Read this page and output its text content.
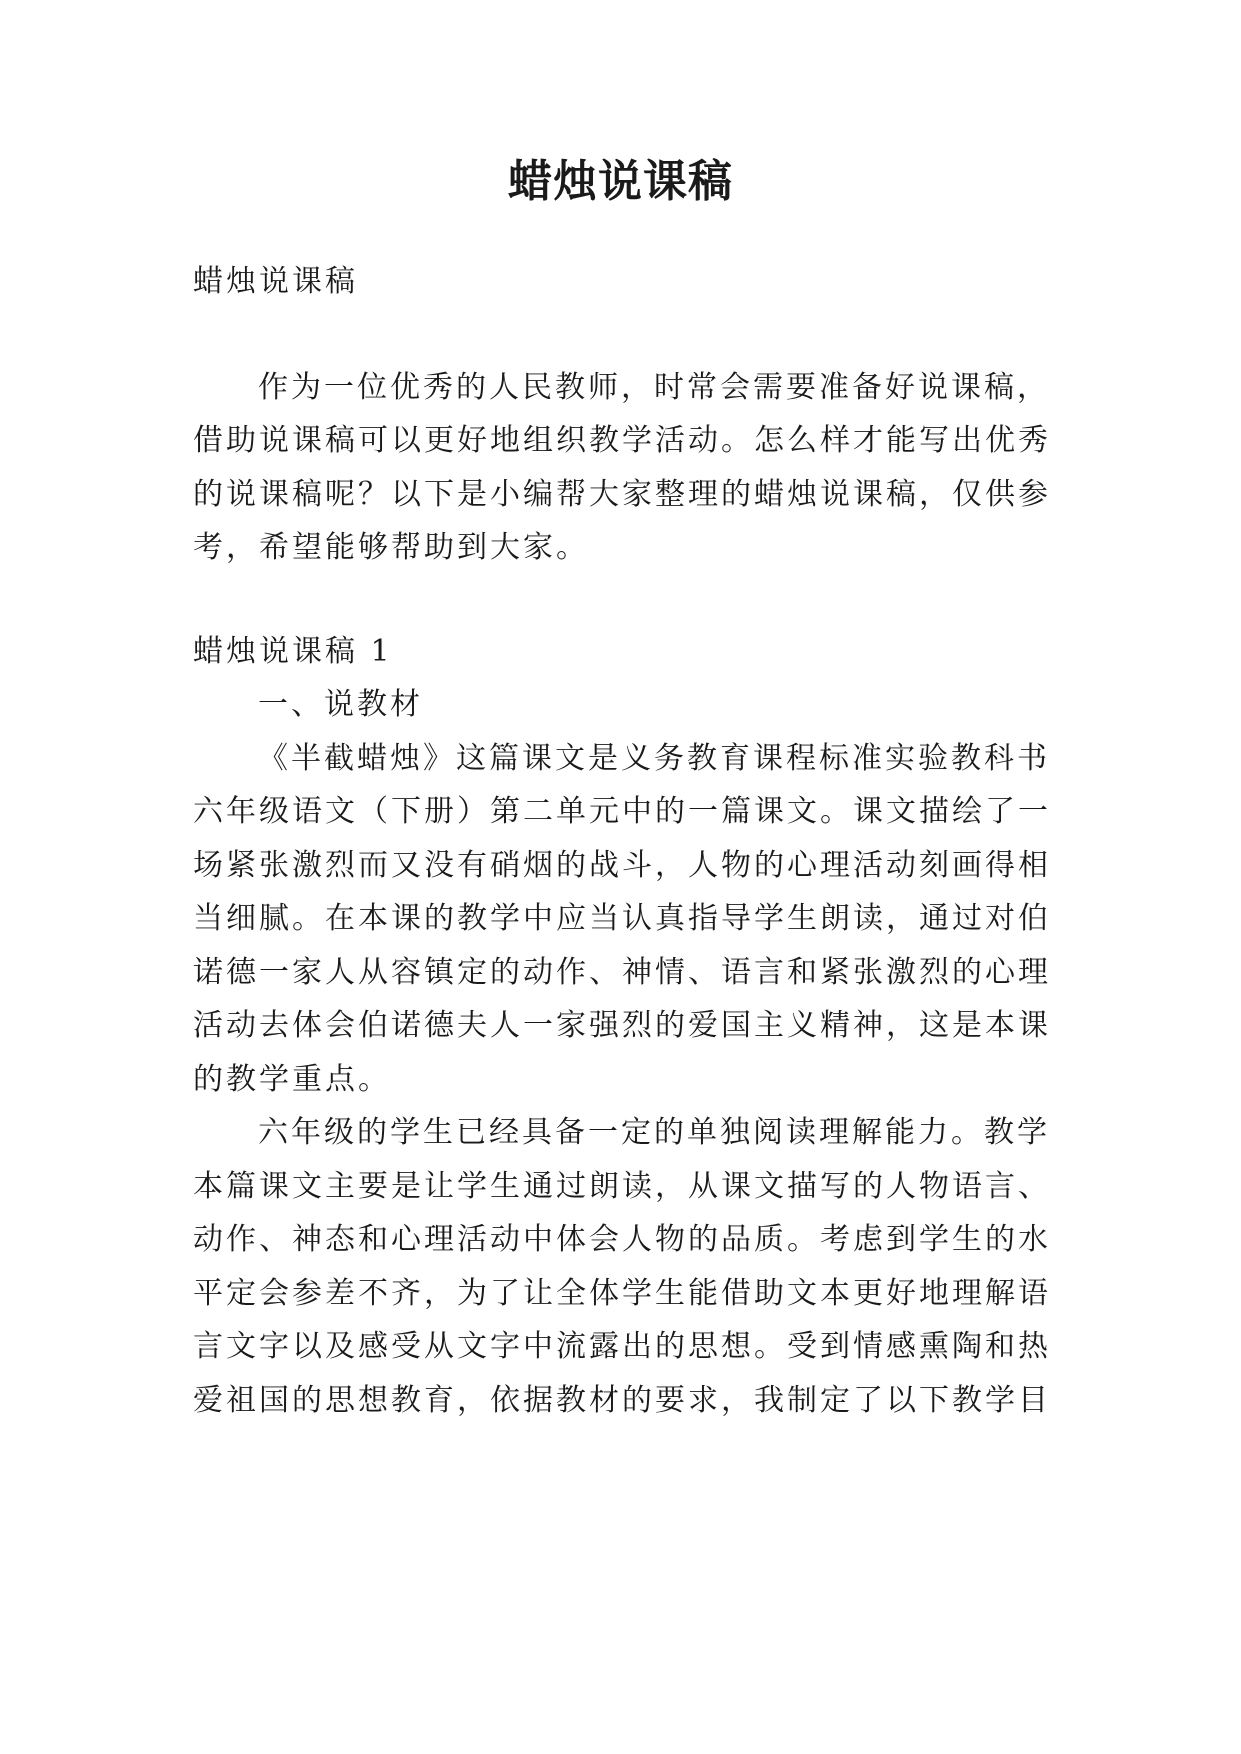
蜡烛说课稿
蜡烛说课稿
作为一位优秀的人民教师，时常会需要准备好说课稿，
借助说课稿可以更好地组织教学活动。怎么样才能写出优秀
的说课稿呢？以下是小编帮大家整理的蜡烛说课稿，仅供参
考，希望能够帮助到大家。
蜡烛说课稿 1
一、说教材
《半截蜡烛》这篇课文是义务教育课程标准实验教科书
六年级语文（下册）第二单元中的一篇课文。课文描绘了一
场紧张激烈而又没有硝烟的战斗，人物的心理活动刻画得相
当细腻。在本课的教学中应当认真指导学生朗读，通过对伯
诺德一家人从容镇定的动作、神情、语言和紧张激烈的心理
活动去体会伯诺德夫人一家强烈的爱国主义精神，这是本课
的教学重点。
六年级的学生已经具备一定的单独阅读理解能力。教学
本篇课文主要是让学生通过朗读，从课文描写的人物语言、
动作、神态和心理活动中体会人物的品质。考虑到学生的水
平定会参差不齐，为了让全体学生能借助文本更好地理解语
言文字以及感受从文字中流露出的思想。受到情感熏陶和热
爱祖国的思想教育，依据教材的要求，我制定了以下教学目
